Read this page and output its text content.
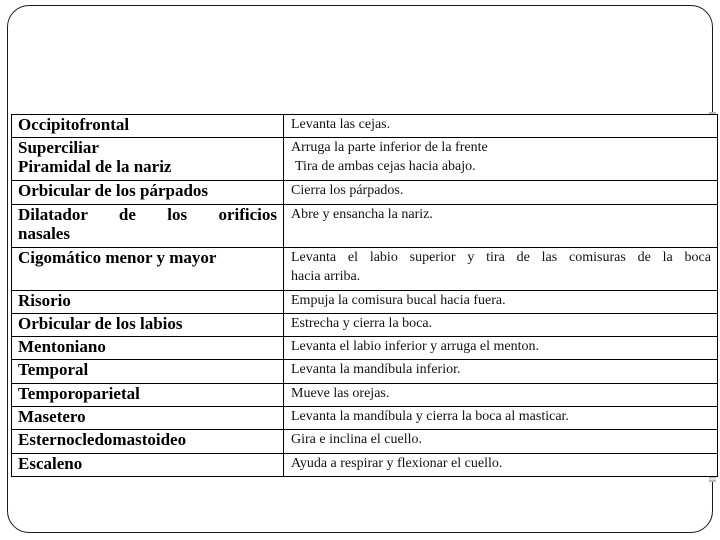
Occipitofrontal	Levanta las cejas.

Superciliar
Piramidal de la nariz	Arruga la parte inferior de la frente
Tira de ambas cejas hacia abajo.

Orbicular de los párpados	Cierra los párpados.

Dilatador de los orificios
nasales	Abre y ensancha la nariz.

Cigomático menor y mayor	Levanta el labio superior y tira de las comisuras de la boca
hacia arriba.

Risorio	Empuja la comisura bucal hacia fuera.

Orbicular de los labios	Estrecha y cierra la boca.

Mentoniano	Levanta el labio inferior y arruga el menton.

Temporal	Levanta la mandíbula inferior.

Temporoparietal	Mueve las orejas.

Masetero	Levanta la mandíbula y cierra la boca al masticar.

Esternocledomastoideo	Gira e inclina el cuello.

Escaleno	Ayuda a respirar y flexionar el cuello.
